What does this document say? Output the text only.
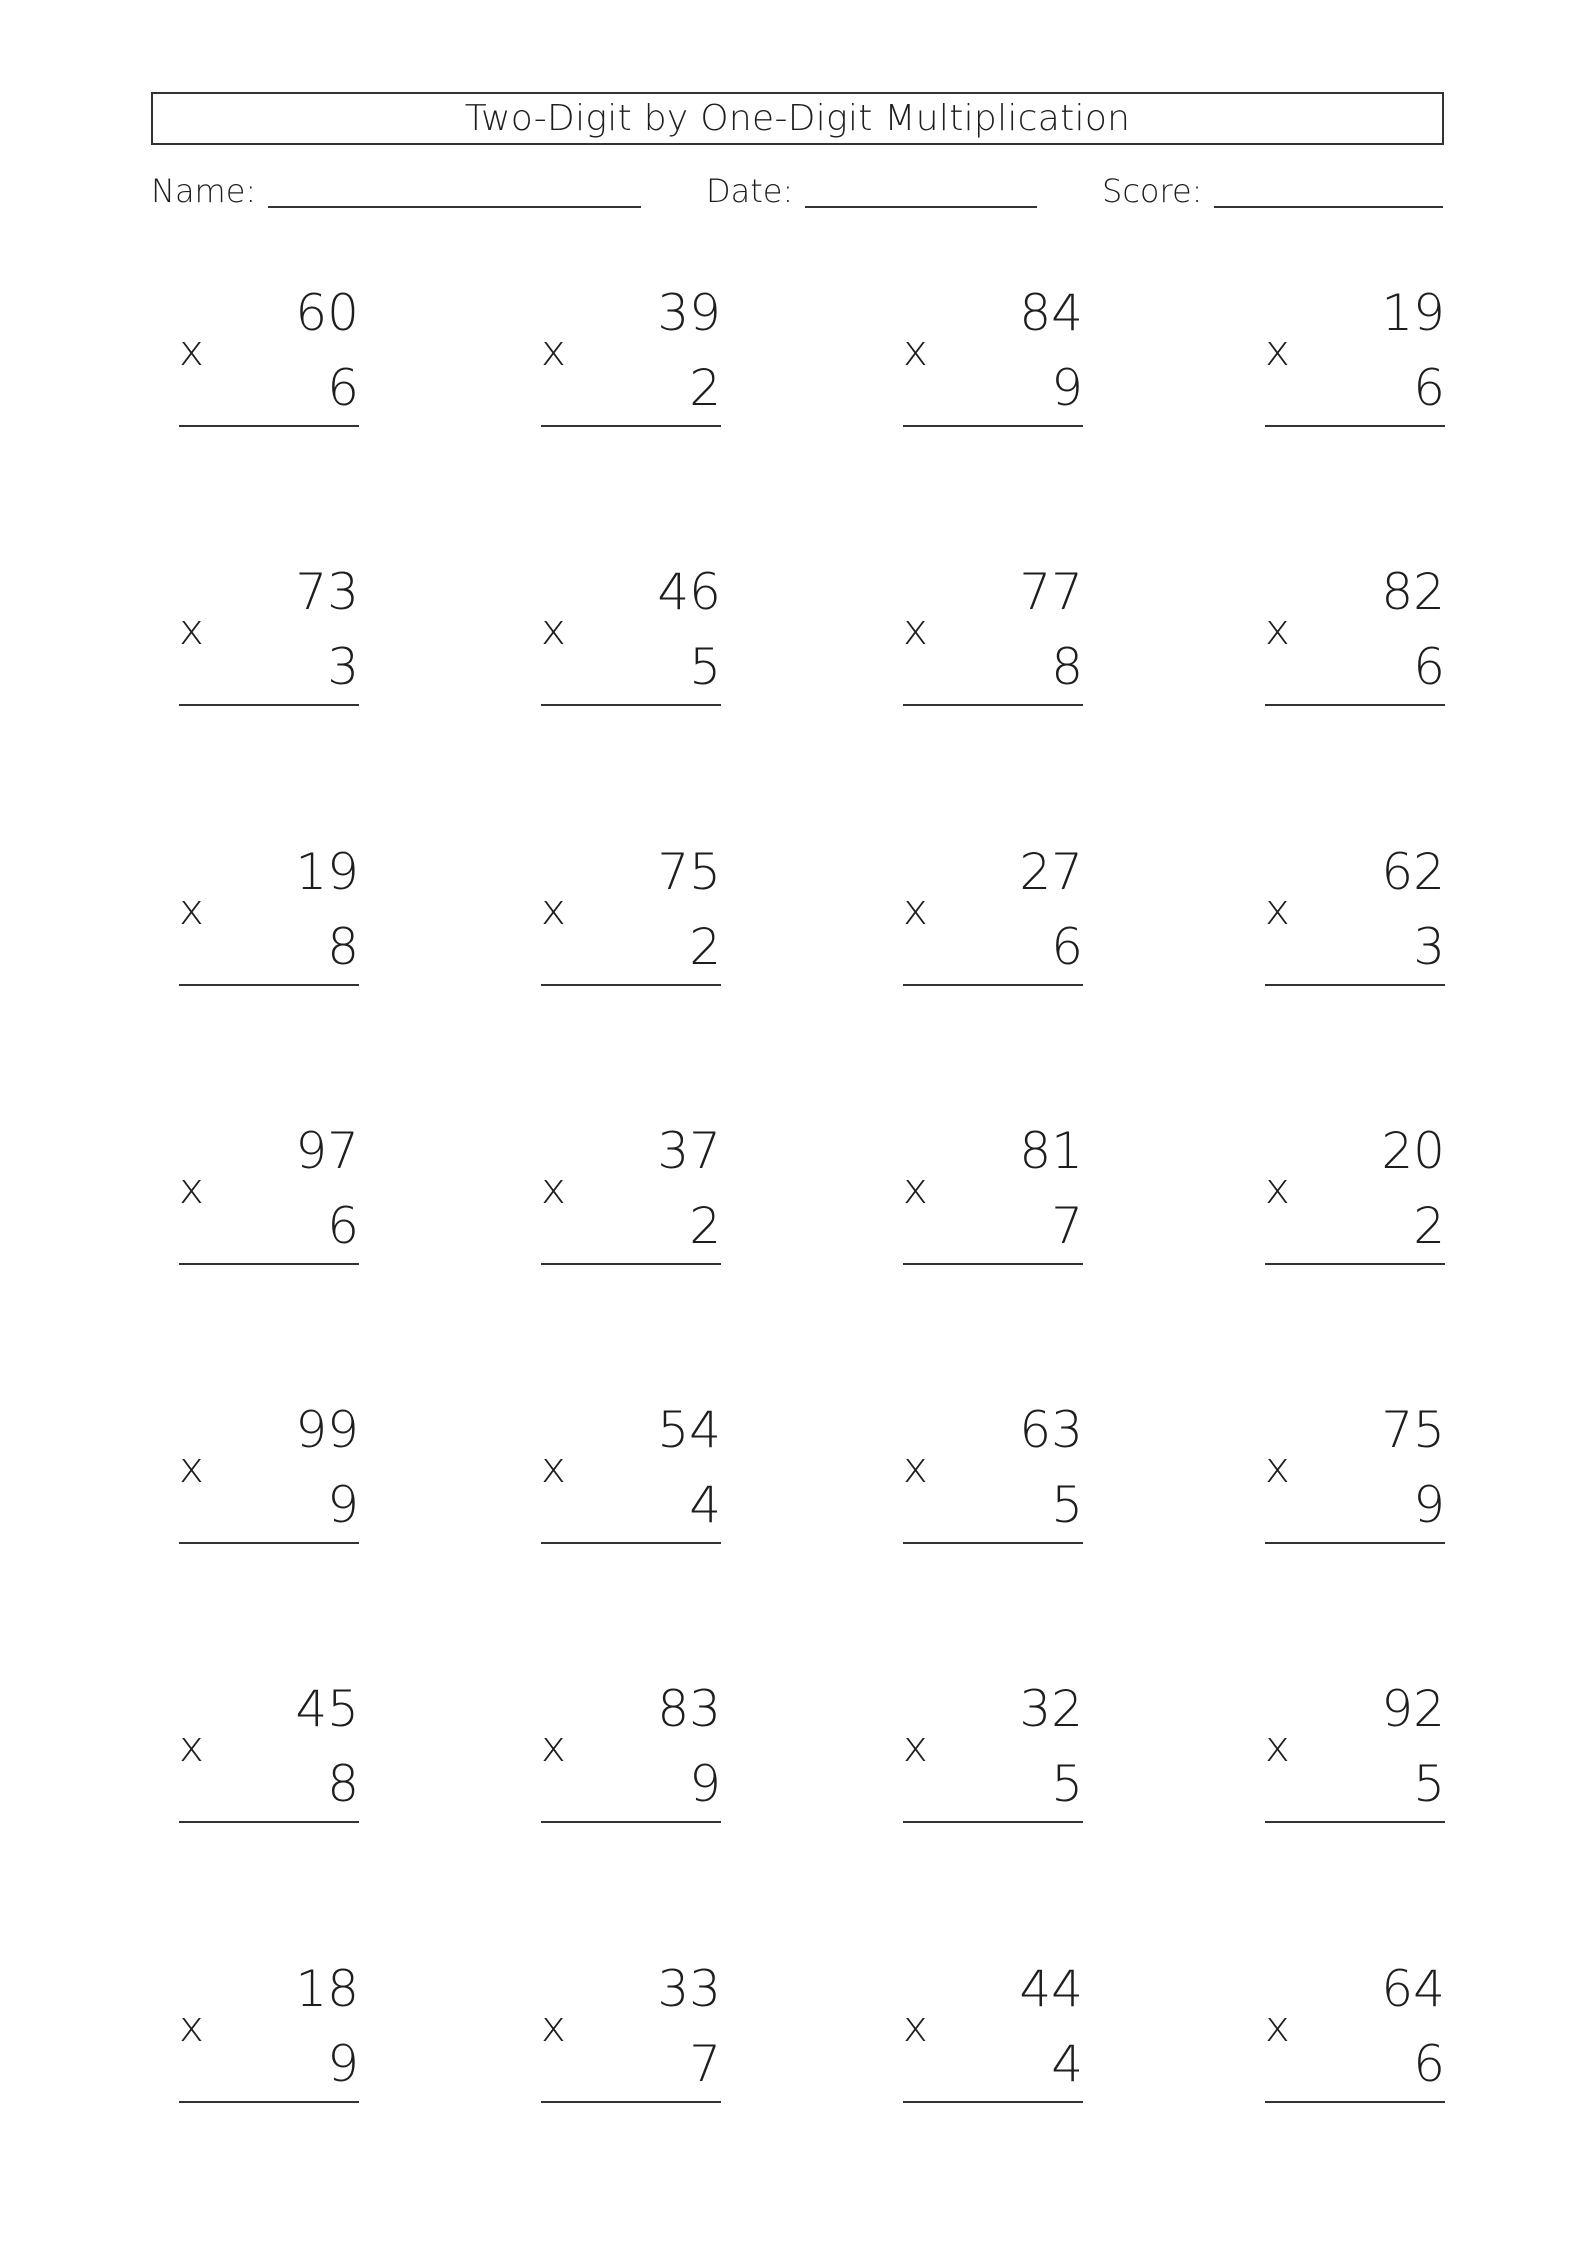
Two-Digit by One-Digit Multiplication
Name:	Date:	Score:
60
x
6
39
x
2
84
x
9
19
x
6
73
x
3
46
x
5
77
x
8
82
x
6
19
x
8
75
x
2
27
x
6
62
x
3
97
x
6
37
x
2
81
x
7
20
x
2
99
x
9
54
x
4
63
x
5
75
x
9
45
x
8
83
x
9
32
x
5
92
x
5
18
x
9
33
x
7
44
x
4
64
x
6
